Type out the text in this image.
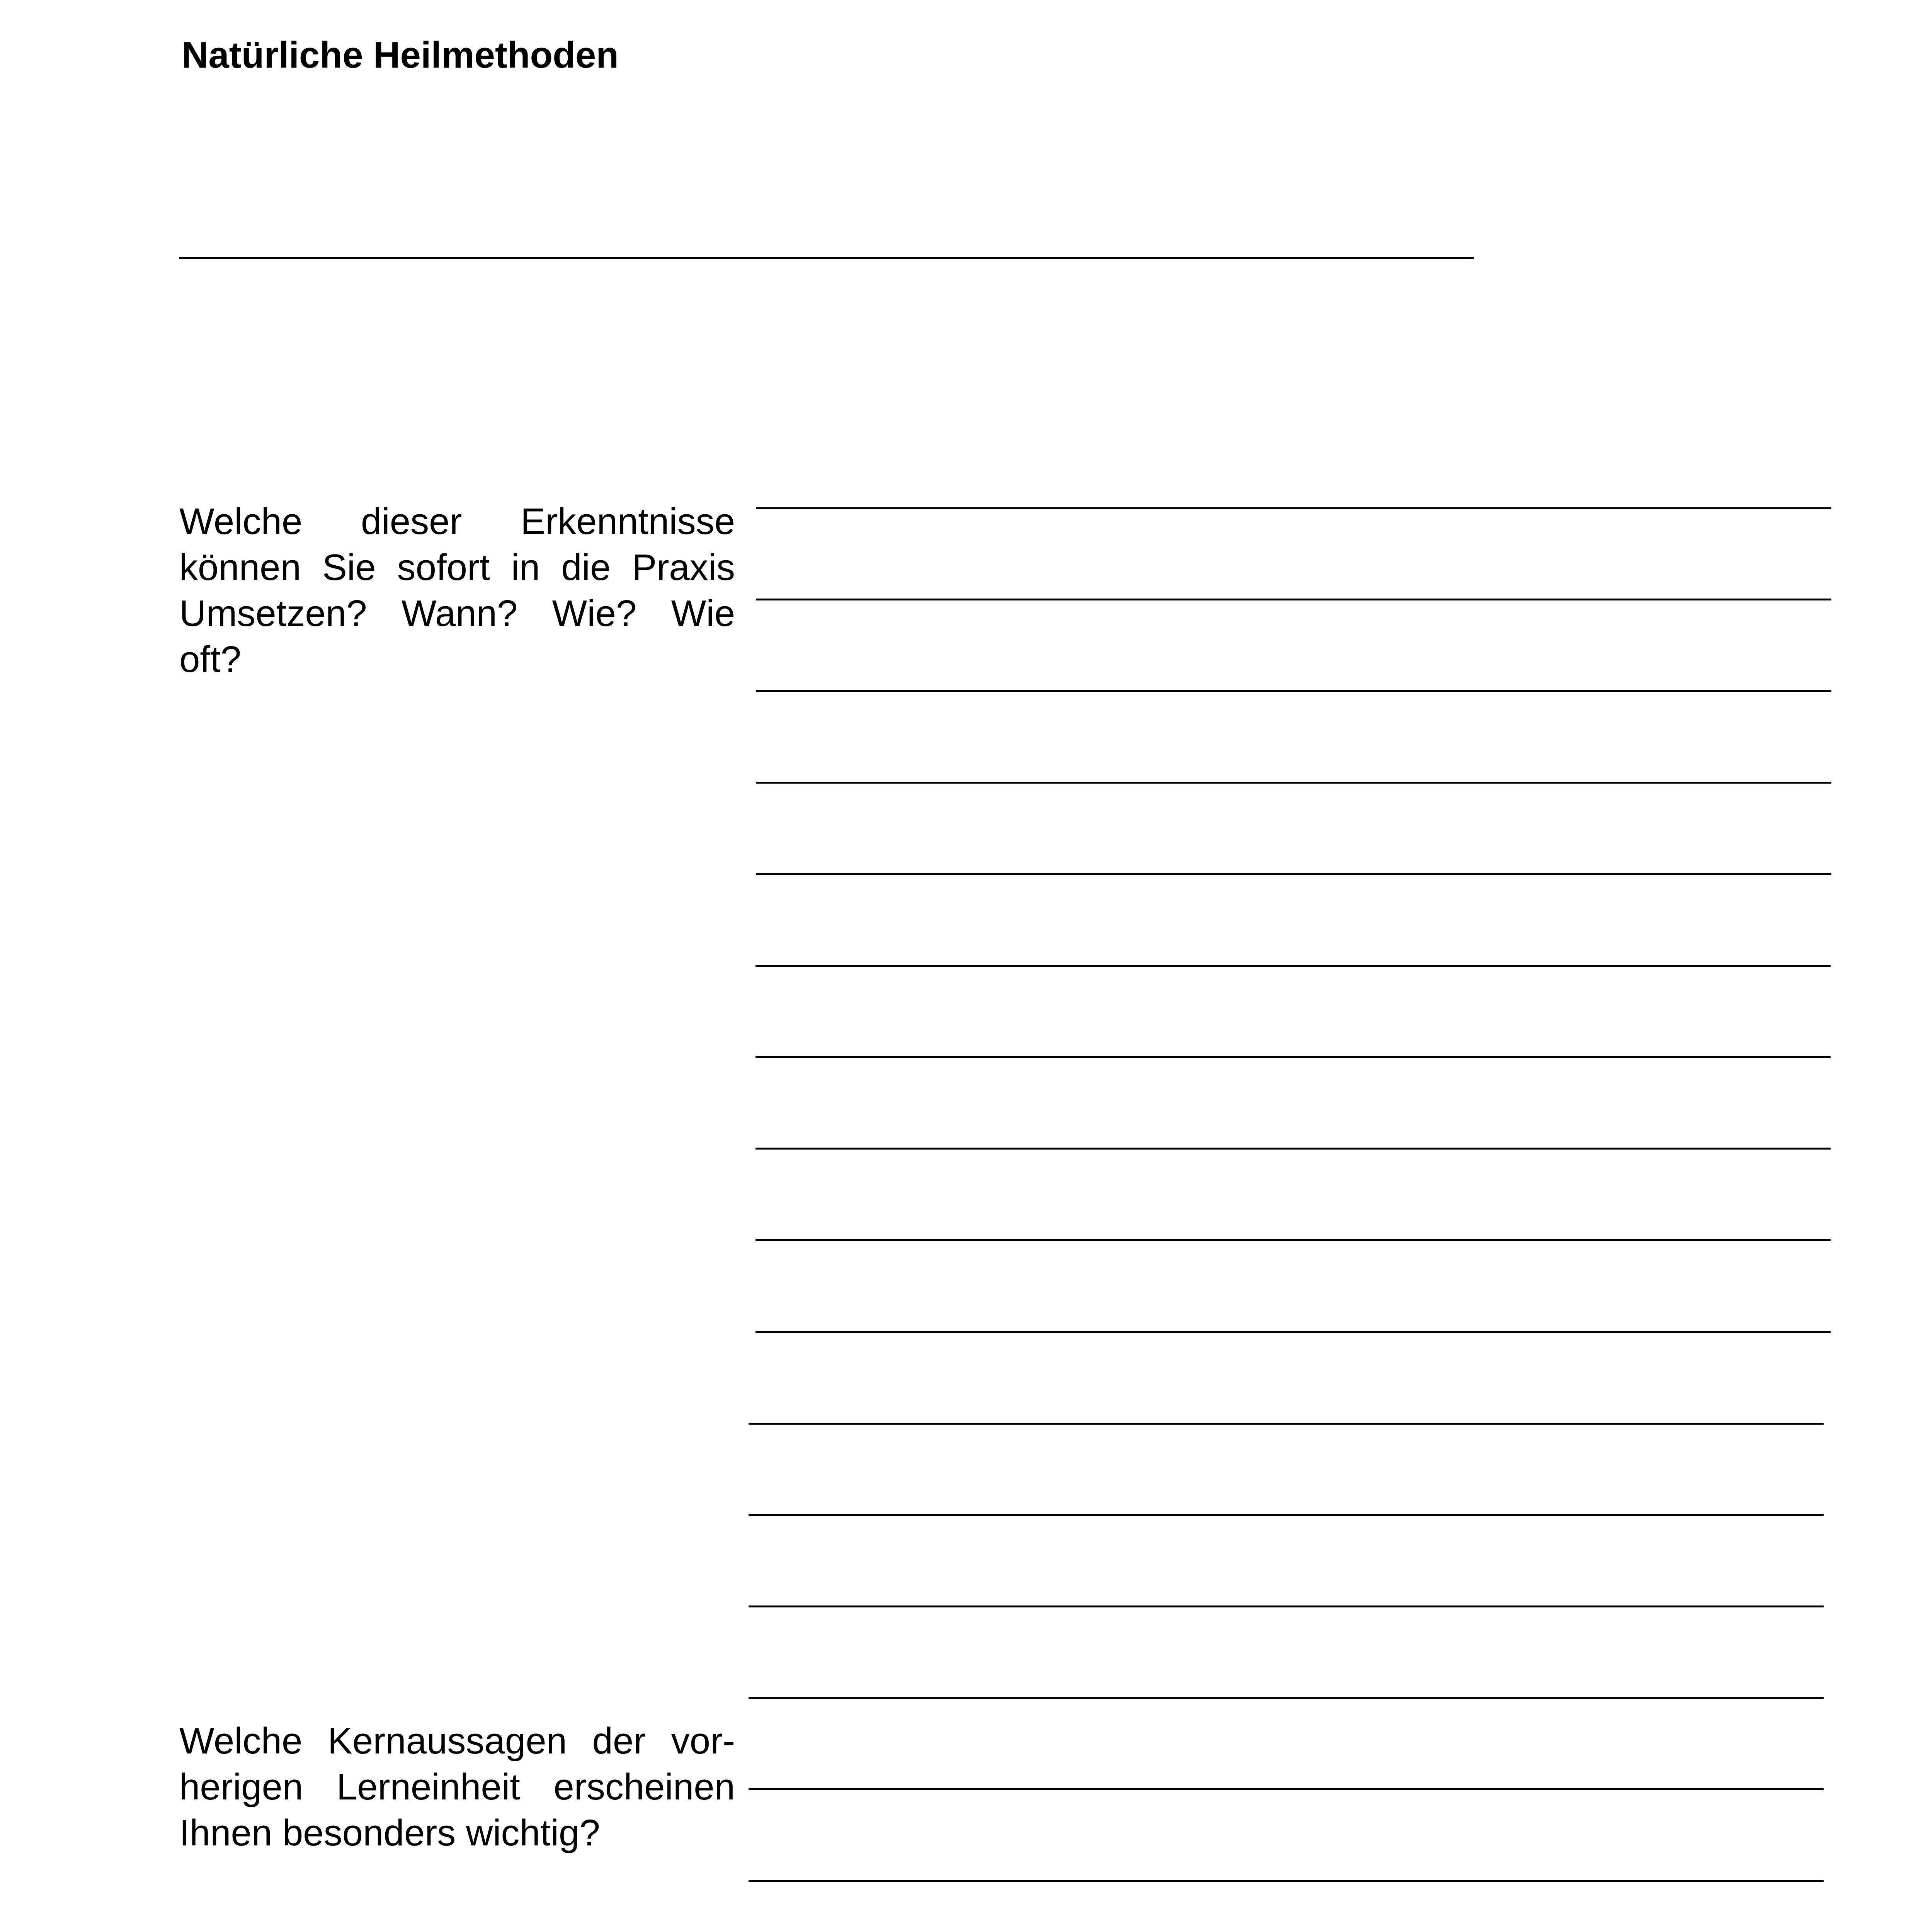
Natürliche Heilmethoden
Welche dieser Erkenntnisse
können Sie sofort in die Praxis
Umsetzen? Wann? Wie? Wie
oft?
Welche Kernaussagen der vor-
herigen Lerneinheit erscheinen
Ihnen besonders wichtig?
